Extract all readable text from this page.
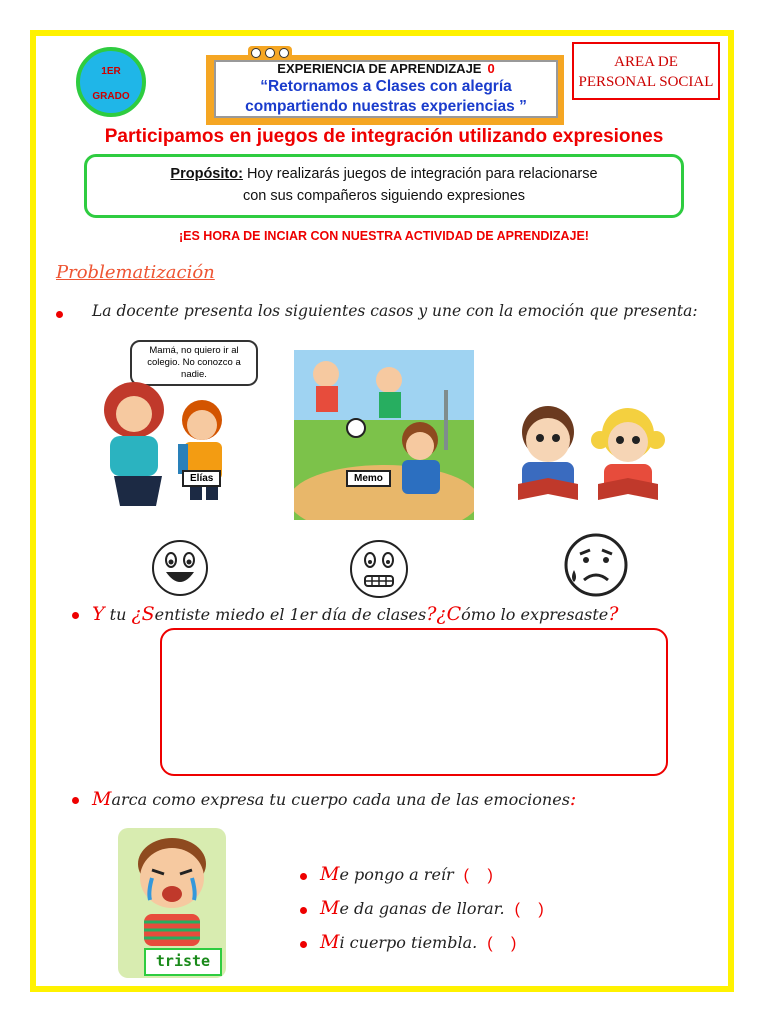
1ER
GRADO
EXPERIENCIA DE APRENDIZAJE 0
“Retornamos a Clases con alegría
compartiendo nuestras experiencias ”
AREA DE
PERSONAL SOCIAL
Participamos en juegos de integración utilizando expresiones
Propósito: Hoy realizarás juegos de integración para relacionarse
con sus compañeros siguiendo expresiones
¡ES HORA DE INCIAR CON NUESTRA ACTIVIDAD DE APRENDIZAJE!
Problematización
La docente presenta los siguientes casos y une con la emoción que presenta:
Mamá, no quiero ir al
colegio. No conozco a
nadie.
Elías	Memo
Y tu ¿Sentiste miedo el 1er día de clases?¿Cómo lo expresaste?
Marca como expresa tu cuerpo cada una de las emociones:
triste
Me pongo a reír ( )
Me da ganas de llorar. ( )
Mi cuerpo tiembla. ( )
